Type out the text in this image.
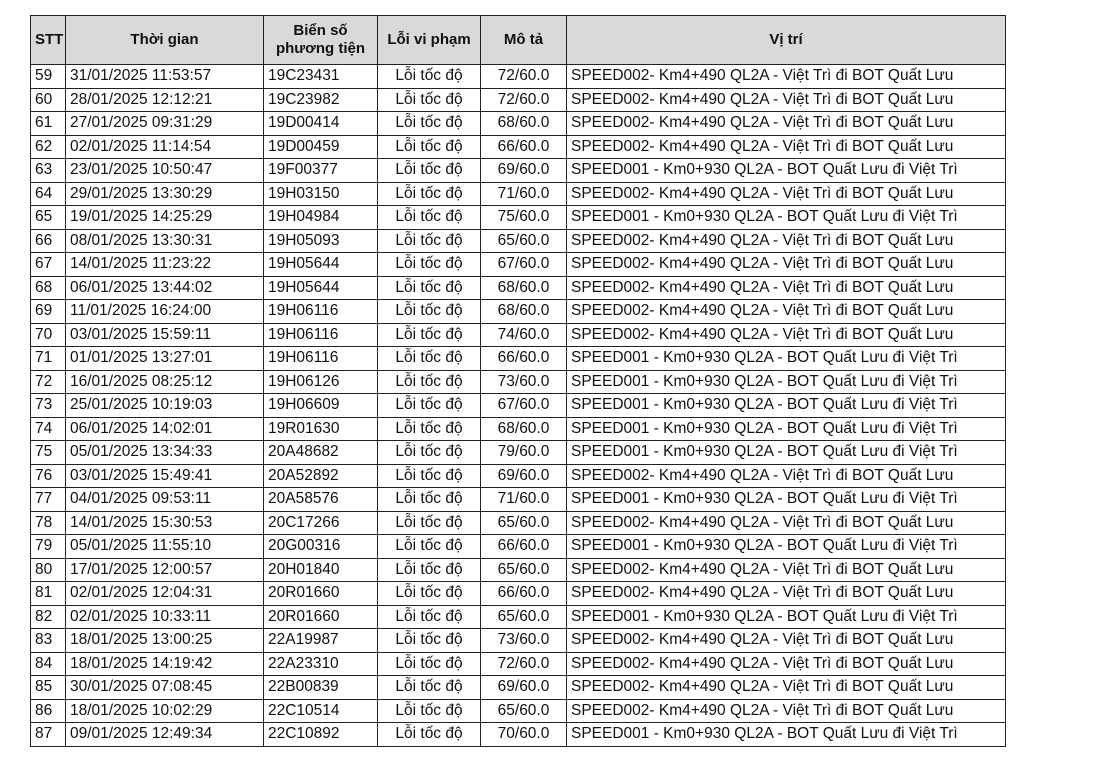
STT	Thời gian	Biển số phương tiện	Lỗi vi phạm	Mô tả	Vị trí
59	31/01/2025 11:53:57	19C23431	Lỗi tốc độ	72/60.0	SPEED002- Km4+490 QL2A - Việt Trì đi BOT Quất Lưu
60	28/01/2025 12:12:21	19C23982	Lỗi tốc độ	72/60.0	SPEED002- Km4+490 QL2A - Việt Trì đi BOT Quất Lưu
61	27/01/2025 09:31:29	19D00414	Lỗi tốc độ	68/60.0	SPEED002- Km4+490 QL2A - Việt Trì đi BOT Quất Lưu
62	02/01/2025 11:14:54	19D00459	Lỗi tốc độ	66/60.0	SPEED002- Km4+490 QL2A - Việt Trì đi BOT Quất Lưu
63	23/01/2025 10:50:47	19F00377	Lỗi tốc độ	69/60.0	SPEED001 - Km0+930 QL2A - BOT Quất Lưu đi Việt Trì
64	29/01/2025 13:30:29	19H03150	Lỗi tốc độ	71/60.0	SPEED002- Km4+490 QL2A - Việt Trì đi BOT Quất Lưu
65	19/01/2025 14:25:29	19H04984	Lỗi tốc độ	75/60.0	SPEED001 - Km0+930 QL2A - BOT Quất Lưu đi Việt Trì
66	08/01/2025 13:30:31	19H05093	Lỗi tốc độ	65/60.0	SPEED002- Km4+490 QL2A - Việt Trì đi BOT Quất Lưu
67	14/01/2025 11:23:22	19H05644	Lỗi tốc độ	67/60.0	SPEED002- Km4+490 QL2A - Việt Trì đi BOT Quất Lưu
68	06/01/2025 13:44:02	19H05644	Lỗi tốc độ	68/60.0	SPEED002- Km4+490 QL2A - Việt Trì đi BOT Quất Lưu
69	11/01/2025 16:24:00	19H06116	Lỗi tốc độ	68/60.0	SPEED002- Km4+490 QL2A - Việt Trì đi BOT Quất Lưu
70	03/01/2025 15:59:11	19H06116	Lỗi tốc độ	74/60.0	SPEED002- Km4+490 QL2A - Việt Trì đi BOT Quất Lưu
71	01/01/2025 13:27:01	19H06116	Lỗi tốc độ	66/60.0	SPEED001 - Km0+930 QL2A - BOT Quất Lưu đi Việt Trì
72	16/01/2025 08:25:12	19H06126	Lỗi tốc độ	73/60.0	SPEED001 - Km0+930 QL2A - BOT Quất Lưu đi Việt Trì
73	25/01/2025 10:19:03	19H06609	Lỗi tốc độ	67/60.0	SPEED001 - Km0+930 QL2A - BOT Quất Lưu đi Việt Trì
74	06/01/2025 14:02:01	19R01630	Lỗi tốc độ	68/60.0	SPEED001 - Km0+930 QL2A - BOT Quất Lưu đi Việt Trì
75	05/01/2025 13:34:33	20A48682	Lỗi tốc độ	79/60.0	SPEED001 - Km0+930 QL2A - BOT Quất Lưu đi Việt Trì
76	03/01/2025 15:49:41	20A52892	Lỗi tốc độ	69/60.0	SPEED002- Km4+490 QL2A - Việt Trì đi BOT Quất Lưu
77	04/01/2025 09:53:11	20A58576	Lỗi tốc độ	71/60.0	SPEED001 - Km0+930 QL2A - BOT Quất Lưu đi Việt Trì
78	14/01/2025 15:30:53	20C17266	Lỗi tốc độ	65/60.0	SPEED002- Km4+490 QL2A - Việt Trì đi BOT Quất Lưu
79	05/01/2025 11:55:10	20G00316	Lỗi tốc độ	66/60.0	SPEED001 - Km0+930 QL2A - BOT Quất Lưu đi Việt Trì
80	17/01/2025 12:00:57	20H01840	Lỗi tốc độ	65/60.0	SPEED002- Km4+490 QL2A - Việt Trì đi BOT Quất Lưu
81	02/01/2025 12:04:31	20R01660	Lỗi tốc độ	66/60.0	SPEED002- Km4+490 QL2A - Việt Trì đi BOT Quất Lưu
82	02/01/2025 10:33:11	20R01660	Lỗi tốc độ	65/60.0	SPEED001 - Km0+930 QL2A - BOT Quất Lưu đi Việt Trì
83	18/01/2025 13:00:25	22A19987	Lỗi tốc độ	73/60.0	SPEED002- Km4+490 QL2A - Việt Trì đi BOT Quất Lưu
84	18/01/2025 14:19:42	22A23310	Lỗi tốc độ	72/60.0	SPEED002- Km4+490 QL2A - Việt Trì đi BOT Quất Lưu
85	30/01/2025 07:08:45	22B00839	Lỗi tốc độ	69/60.0	SPEED002- Km4+490 QL2A - Việt Trì đi BOT Quất Lưu
86	18/01/2025 10:02:29	22C10514	Lỗi tốc độ	65/60.0	SPEED002- Km4+490 QL2A - Việt Trì đi BOT Quất Lưu
87	09/01/2025 12:49:34	22C10892	Lỗi tốc độ	70/60.0	SPEED001 - Km0+930 QL2A - BOT Quất Lưu đi Việt Trì
